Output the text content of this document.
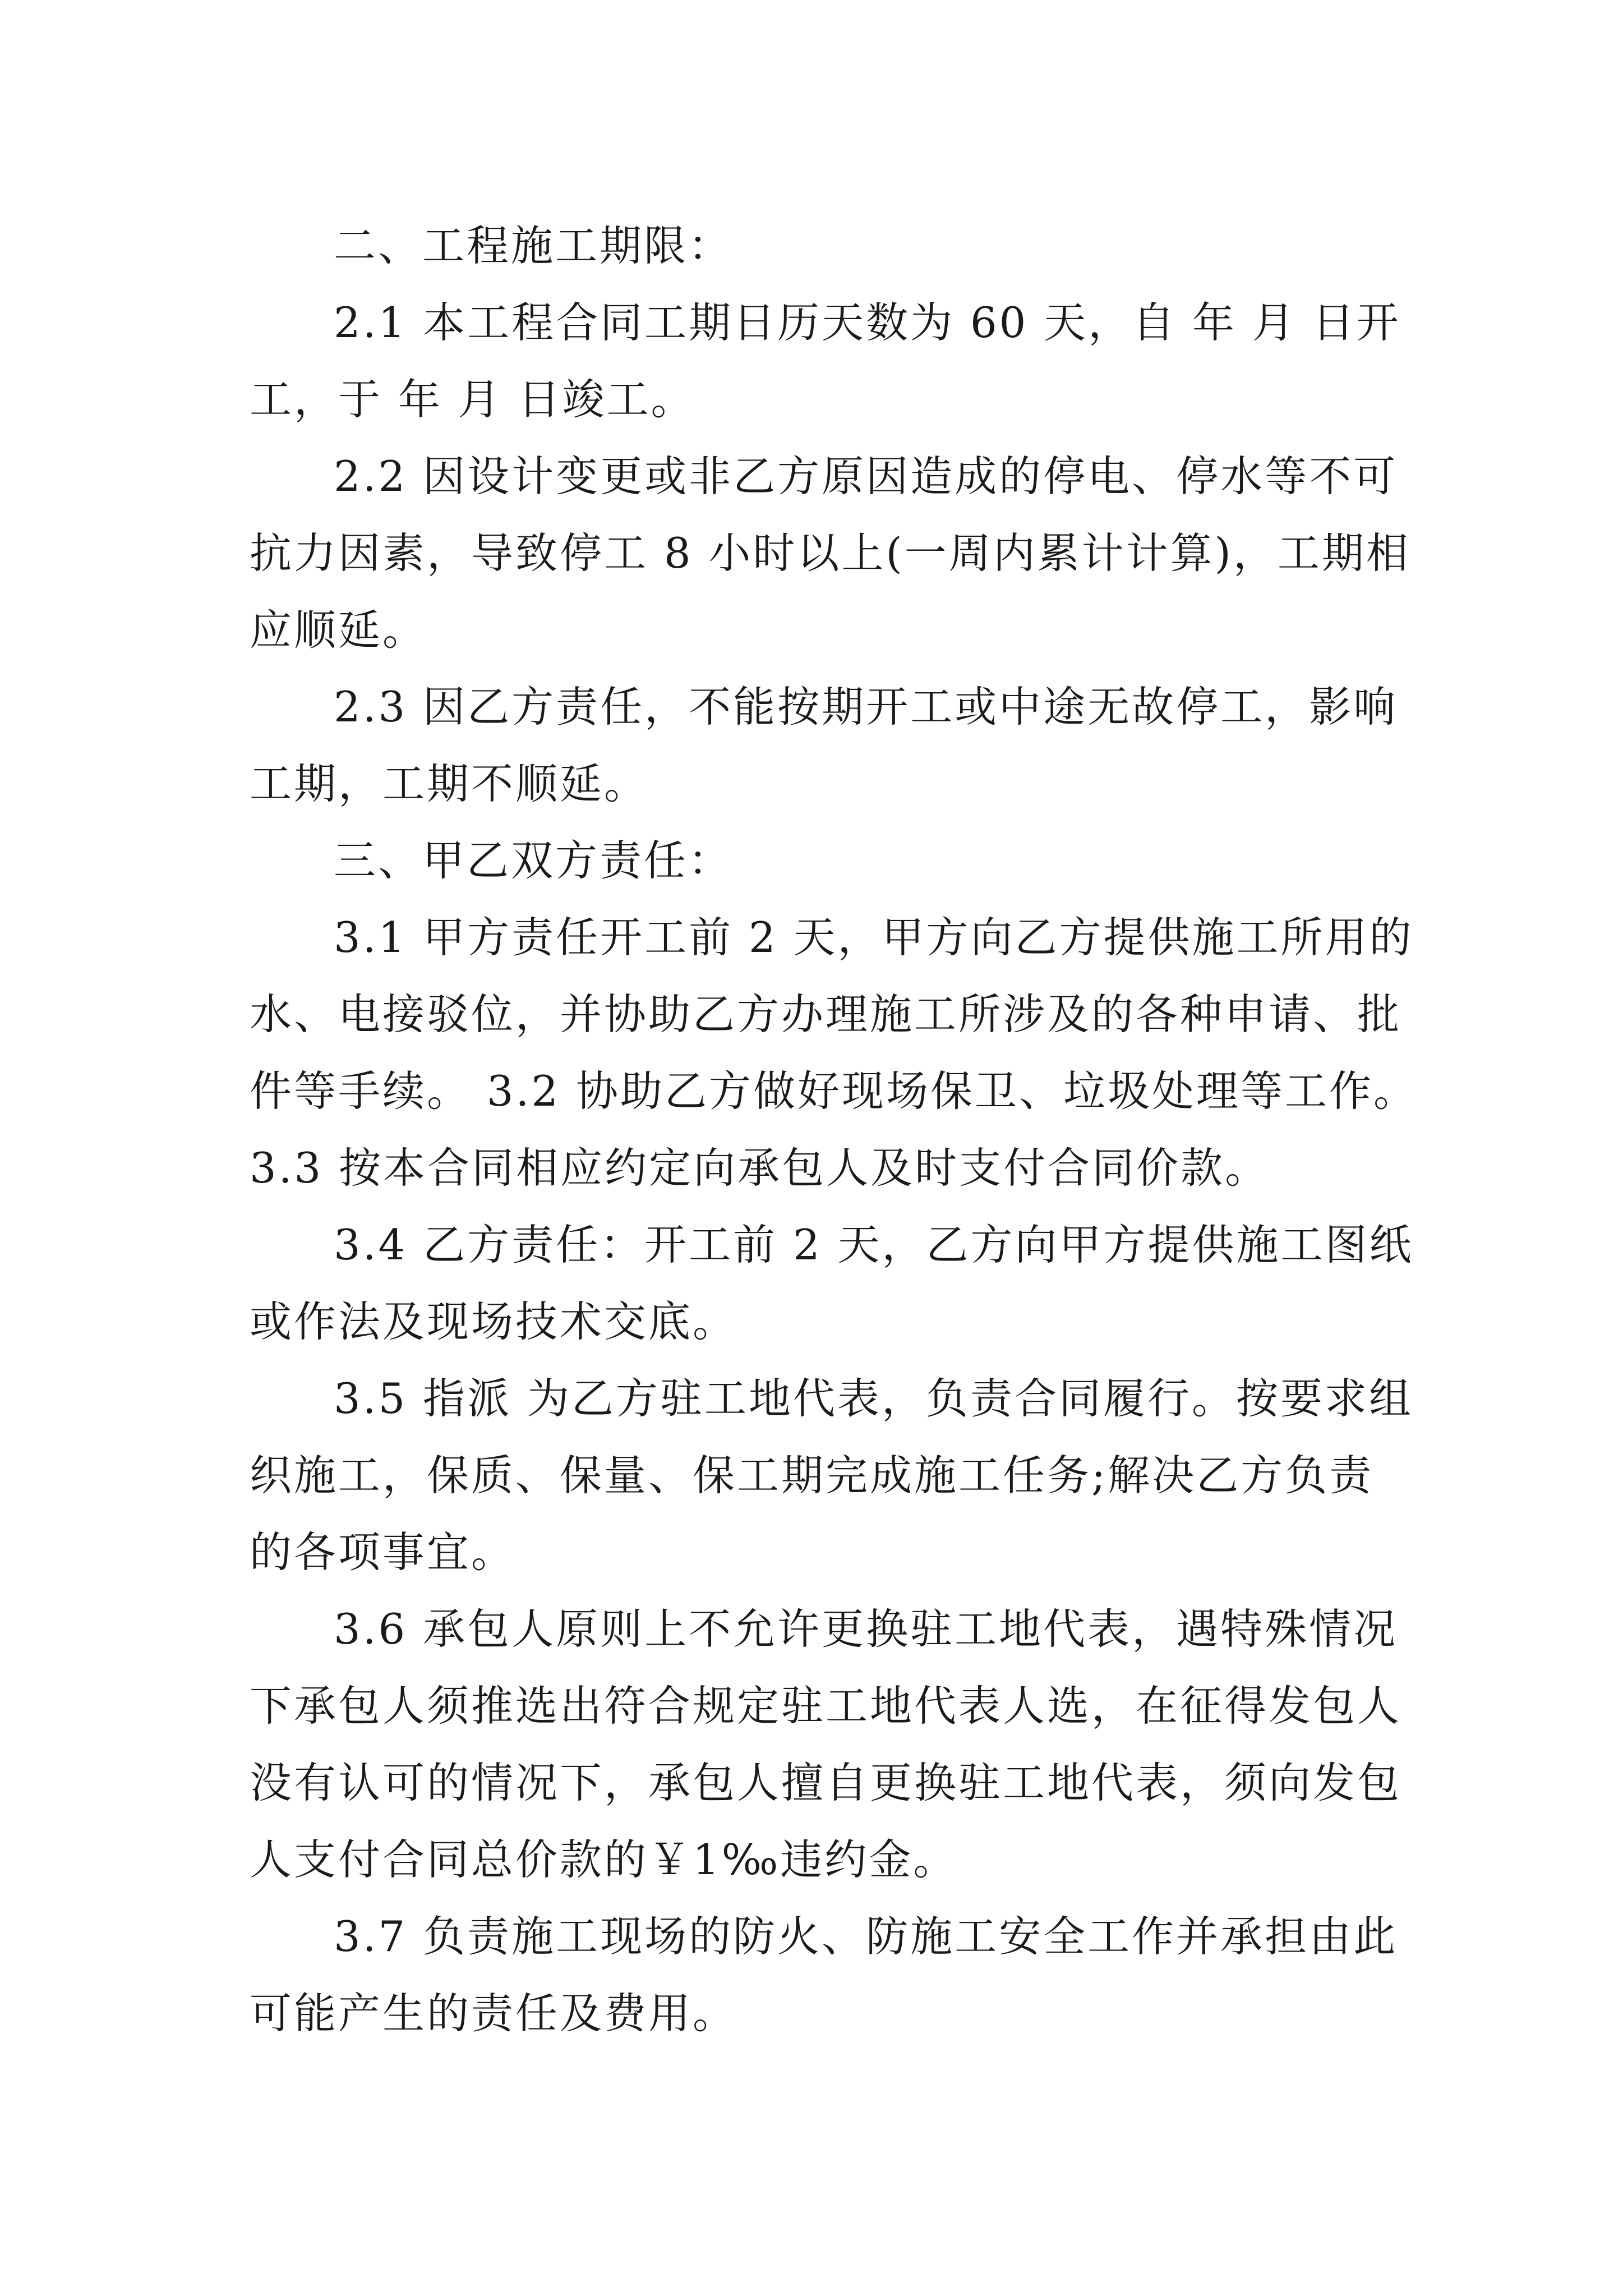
二、工程施工期限：
2.1 本工程合同工期日历天数为 60 天，自 年 月 日开
工，于 年 月 日竣工。
2.2 因设计变更或非乙方原因造成的停电、停水等不可
抗力因素，导致停工 8 小时以上(一周内累计计算)，工期相
应顺延。
2.3 因乙方责任，不能按期开工或中途无故停工，影响
工期，工期不顺延。
三、甲乙双方责任：
3.1 甲方责任开工前 2 天，甲方向乙方提供施工所用的
水、电接驳位，并协助乙方办理施工所涉及的各种申请、批
件等手续。 3.2 协助乙方做好现场保卫、垃圾处理等工作。
3.3 按本合同相应约定向承包人及时支付合同价款。
3.4 乙方责任：开工前 2 天，乙方向甲方提供施工图纸
或作法及现场技术交底。
3.5 指派 为乙方驻工地代表，负责合同履行。按要求组
织施工，保质、保量、保工期完成施工任务;解决乙方负责
的各项事宜。
3.6 承包人原则上不允许更换驻工地代表，遇特殊情况
下承包人须推选出符合规定驻工地代表人选，在征得发包人
没有认可的情况下，承包人擅自更换驻工地代表，须向发包
人支付合同总价款的￥1‰违约金。
3.7 负责施工现场的防火、防施工安全工作并承担由此
可能产生的责任及费用。
